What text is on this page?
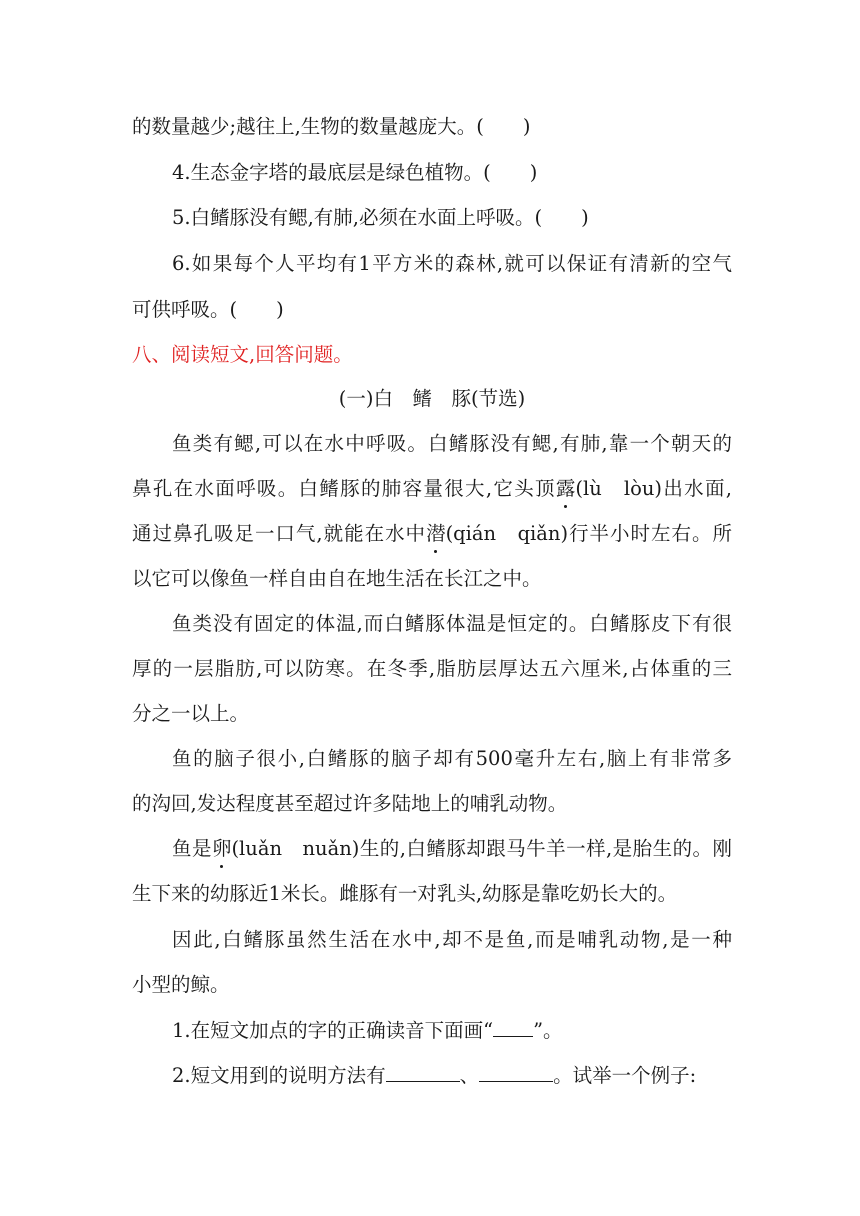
的数量越少;越往上,生物的数量越庞大。(　　)
4.生态金字塔的最底层是绿色植物。(　　)
5.白鳍豚没有鳃,有肺,必须在水面上呼吸。(　　)
6.如果每个人平均有1平方米的森林,就可以保证有清新的空气
可供呼吸。(　　)
八、阅读短文,回答问题。
(一)白　鳍　豚(节选)
鱼类有鳃,可以在水中呼吸。白鳍豚没有鳃,有肺,靠一个朝天的
鼻孔在水面呼吸。白鳍豚的肺容量很大,它头顶露(lù　lòu)出水面,
通过鼻孔吸足一口气,就能在水中潜(qián　qiǎn)行半小时左右。所
以它可以像鱼一样自由自在地生活在长江之中。
鱼类没有固定的体温,而白鳍豚体温是恒定的。白鳍豚皮下有很
厚的一层脂肪,可以防寒。在冬季,脂肪层厚达五六厘米,占体重的三
分之一以上。
鱼的脑子很小,白鳍豚的脑子却有500毫升左右,脑上有非常多
的沟回,发达程度甚至超过许多陆地上的哺乳动物。
鱼是卵(luǎn　nuǎn)生的,白鳍豚却跟马牛羊一样,是胎生的。刚
生下来的幼豚近1米长。雌豚有一对乳头,幼豚是靠吃奶长大的。
因此,白鳍豚虽然生活在水中,却不是鱼,而是哺乳动物,是一种
小型的鲸。
1.在短文加点的字的正确读音下面画“ ”。
2.短文用到的说明方法有	、	。试举一个例子:
